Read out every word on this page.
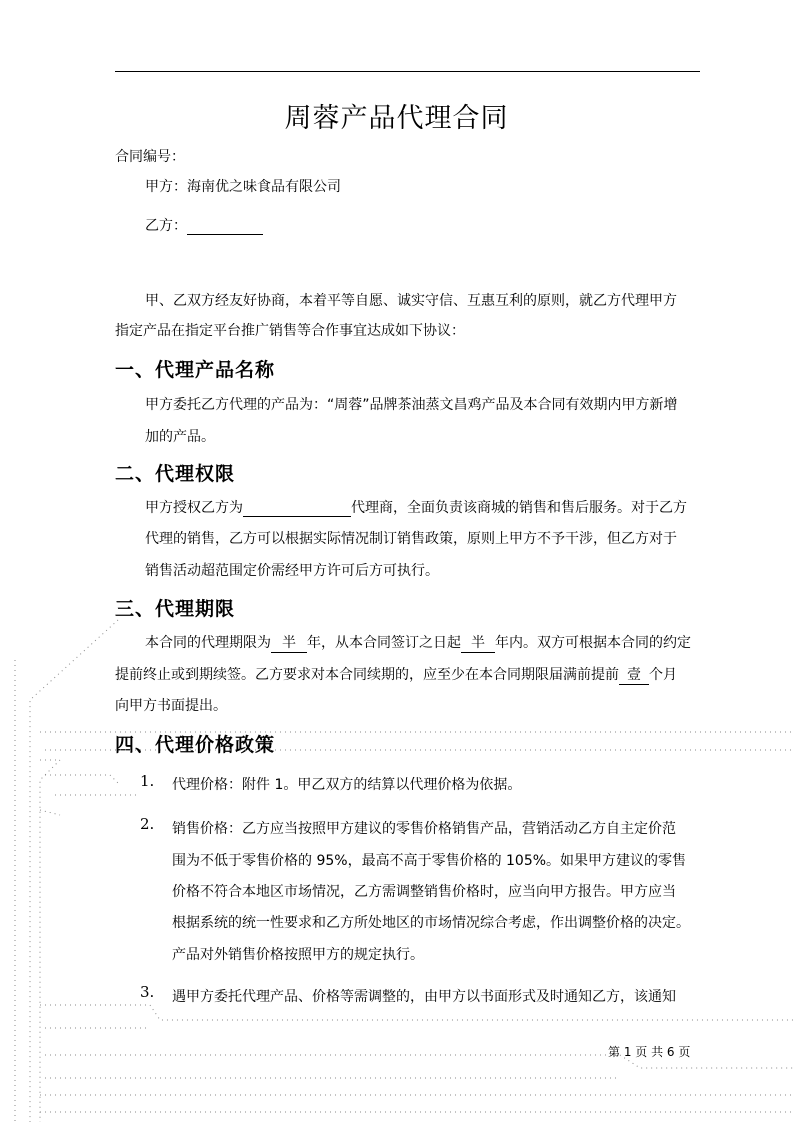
周蓉产品代理合同
合同编号：
甲方：海南优之味食品有限公司
乙方：
甲、乙双方经友好协商，本着平等自愿、诚实守信、互惠互利的原则，就乙方代理甲方
指定产品在指定平台推广销售等合作事宜达成如下协议：
一、代理产品名称
甲方委托乙方代理的产品为：“周蓉”品牌茶油蒸文昌鸡产品及本合同有效期内甲方新增
加的产品。
二、代理权限
甲方授权乙方为	代理商，全面负责该商城的销售和售后服务。对于乙方
代理的销售，乙方可以根据实际情况制订销售政策，原则上甲方不予干涉，但乙方对于
销售活动超范围定价需经甲方许可后方可执行。
三、代理期限
本合同的代理期限为 半 年，从本合同签订之日起 半 年内。双方可根据本合同的约定
提前终止或到期续签。乙方要求对本合同续期的，应至少在本合同期限届满前提前 壹 个月
向甲方书面提出。
四、代理价格政策
1. 代理价格：附件 1。甲乙双方的结算以代理价格为依据。
2. 销售价格：乙方应当按照甲方建议的零售价格销售产品，营销活动乙方自主定价范
围为不低于零售价格的 95%，最高不高于零售价格的 105%。如果甲方建议的零售
价格不符合本地区市场情况，乙方需调整销售价格时，应当向甲方报告。甲方应当
根据系统的统一性要求和乙方所处地区的市场情况综合考虑，作出调整价格的决定。
产品对外销售价格按照甲方的规定执行。
3. 遇甲方委托代理产品、价格等需调整的，由甲方以书面形式及时通知乙方，该通知
第 1 页 共 6 页
